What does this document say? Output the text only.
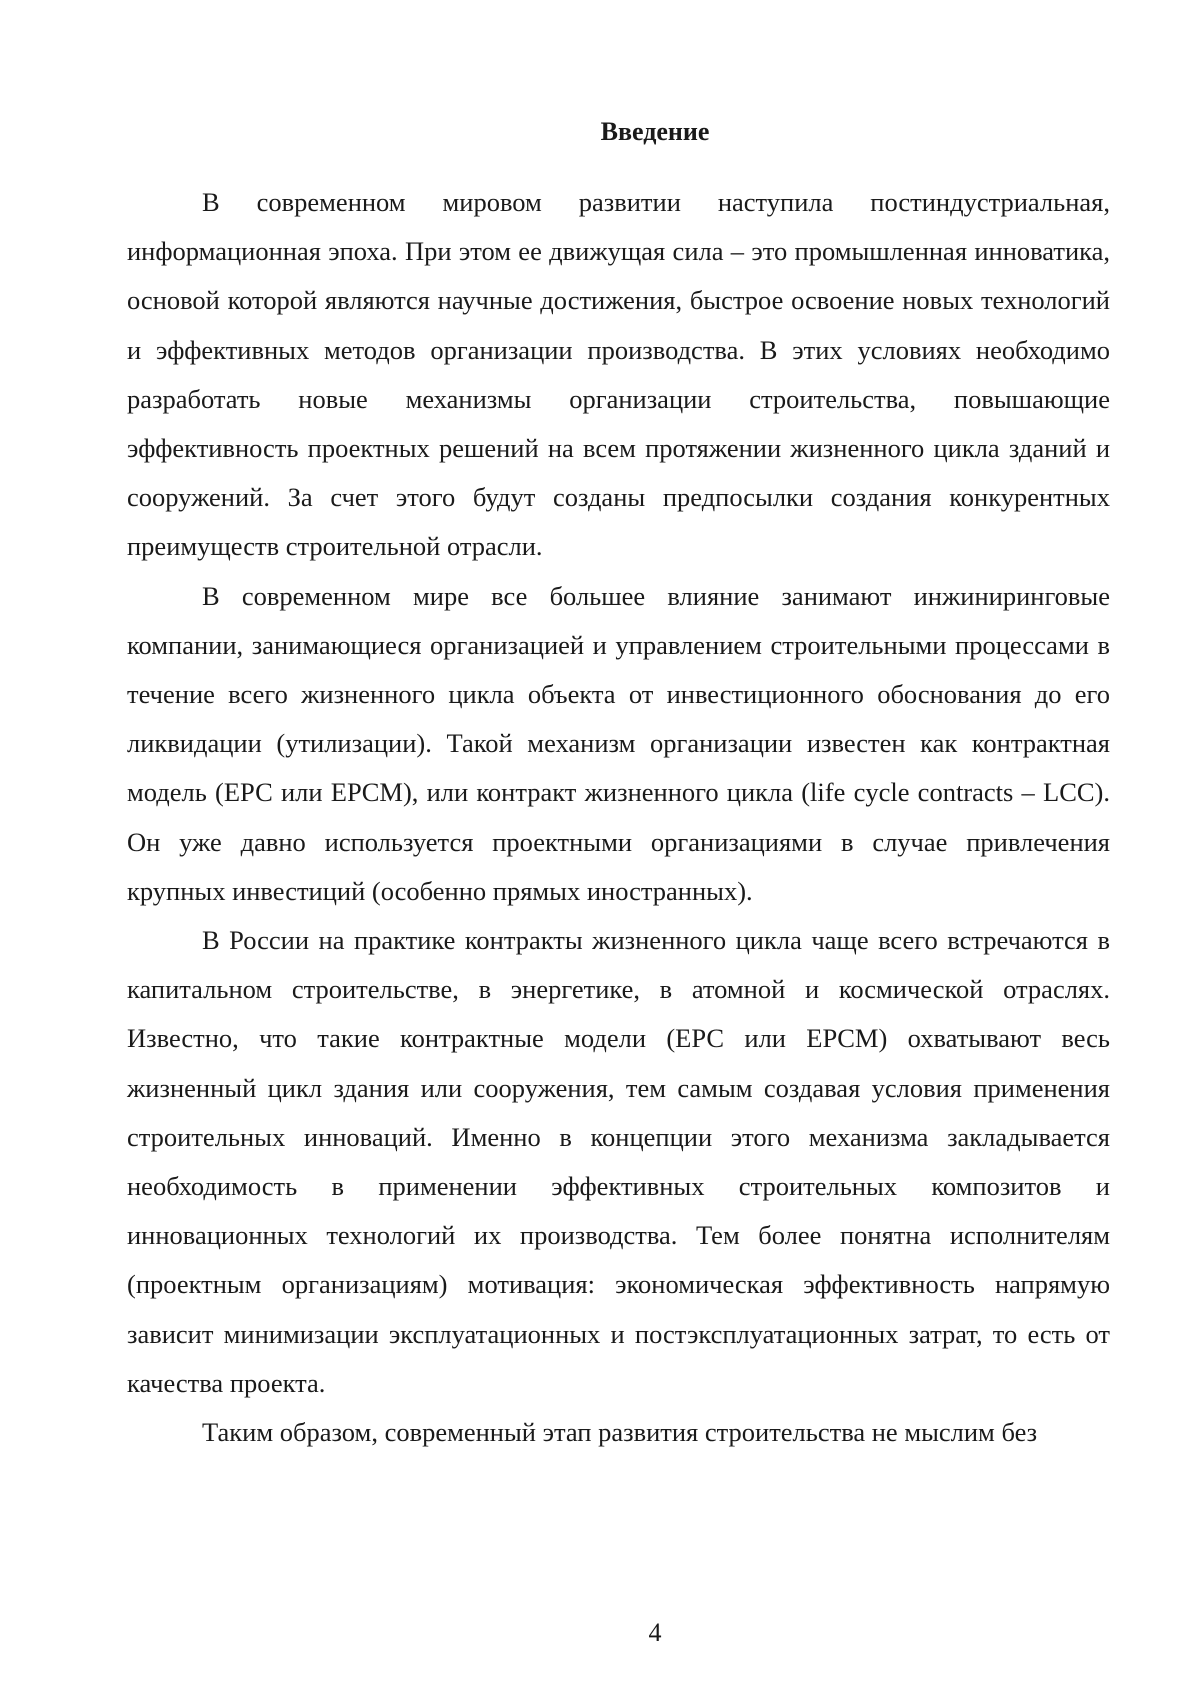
Введение

В современном мировом развитии наступила постиндустриальная, информационная эпоха. При этом ее движущая сила – это промышленная инноватика, основой которой являются научные достижения, быстрое освоение новых технологий и эффективных методов организации производства. В этих условиях необходимо разработать новые механизмы организации строительства, повышающие эффективность проектных решений на всем протяжении жизненного цикла зданий и сооружений. За счет этого будут созданы предпосылки создания конкурентных преимуществ строительной отрасли.

В современном мире все большее влияние занимают инжиниринговые компании, занимающиеся организацией и управлением строительными процессами в течение всего жизненного цикла объекта от инвестиционного обоснования до его ликвидации (утилизации). Такой механизм организации известен как контрактная модель (ЕРС или EPCM), или контракт жизненного цикла (life cycle contracts – LCC). Он уже давно используется проектными организациями в случае привлечения крупных инвестиций (особенно прямых иностранных).

В России на практике контракты жизненного цикла чаще всего встречаются в капитальном строительстве, в энергетике, в атомной и космической отраслях. Известно, что такие контрактные модели (ЕРС или EPCM) охватывают весь жизненный цикл здания или сооружения, тем самым создавая условия применения строительных инноваций. Именно в концепции этого механизма закладывается необходимость в применении эффективных строительных композитов и инновационных технологий их производства. Тем более понятна исполнителям (проектным организациям) мотивация: экономическая эффективность напрямую зависит минимизации эксплуатационных и постэксплуатационных затрат, то есть от качества проекта.

Таким образом, современный этап развития строительства не мыслим без

4
